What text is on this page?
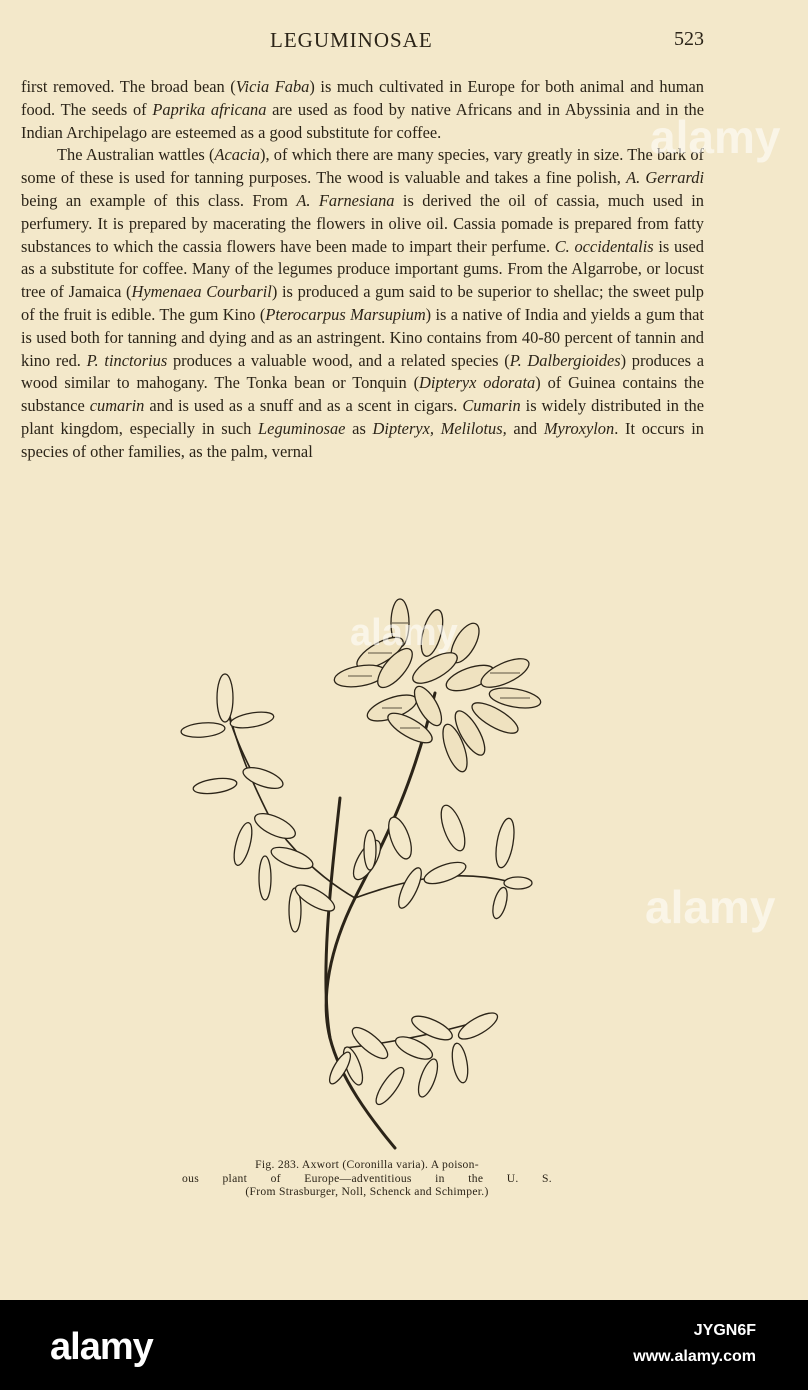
LEGUMINOSAE	523

first removed. The broad bean (Vicia Faba) is much cultivated in Europe for both animal and human food. The seeds of Paprika africana are used as food by native Africans and in Abyssinia and in the Indian Archipelago are esteemed as a good substitute for coffee.

The Australian wattles (Acacia), of which there are many species, vary greatly in size. The bark of some of these is used for tanning purposes. The wood is valuable and takes a fine polish, A. Gerrardi being an example of this class. From A. Farnesiana is derived the oil of cassia, much used in perfumery. It is prepared by macerating the flowers in olive oil. Cassia pomade is prepared from fatty substances to which the cassia flowers have been made to impart their perfume. C. occidentalis is used as a substitute for coffee. Many of the legumes produce important gums. From the Algarrobe, or locust tree of Jamaica (Hymenaea Courbaril) is produced a gum said to be superior to shellac; the sweet pulp of the fruit is edible. The gum Kino (Pterocarpus Marsupium) is a native of India and yields a gum that is used both for tanning and dying and as an astringent. Kino contains from 40-80 percent of tannin and kino red. P. tinctorius produces a valuable wood, and a related species (P. Dalbergioides) produces a wood similar to mahogany. The Tonka bean or Tonquin (Dipteryx odorata) of Guinea contains the substance cumarin and is used as a snuff and as a scent in cigars. Cumarin is widely distributed in the plant kingdom, especially in such Leguminosae as Dipteryx, Melilotus, and Myroxylon. It occurs in species of other families, as the palm, vernal

Fig. 283. Axwort (Coronilla varia). A poison-
ous plant of Europe—adventitious in the U. S.
(From Strasburger, Noll, Schenck and Schimper.)
alamy
alamy
alamy
alamy	JYGN6F
www.alamy.com
